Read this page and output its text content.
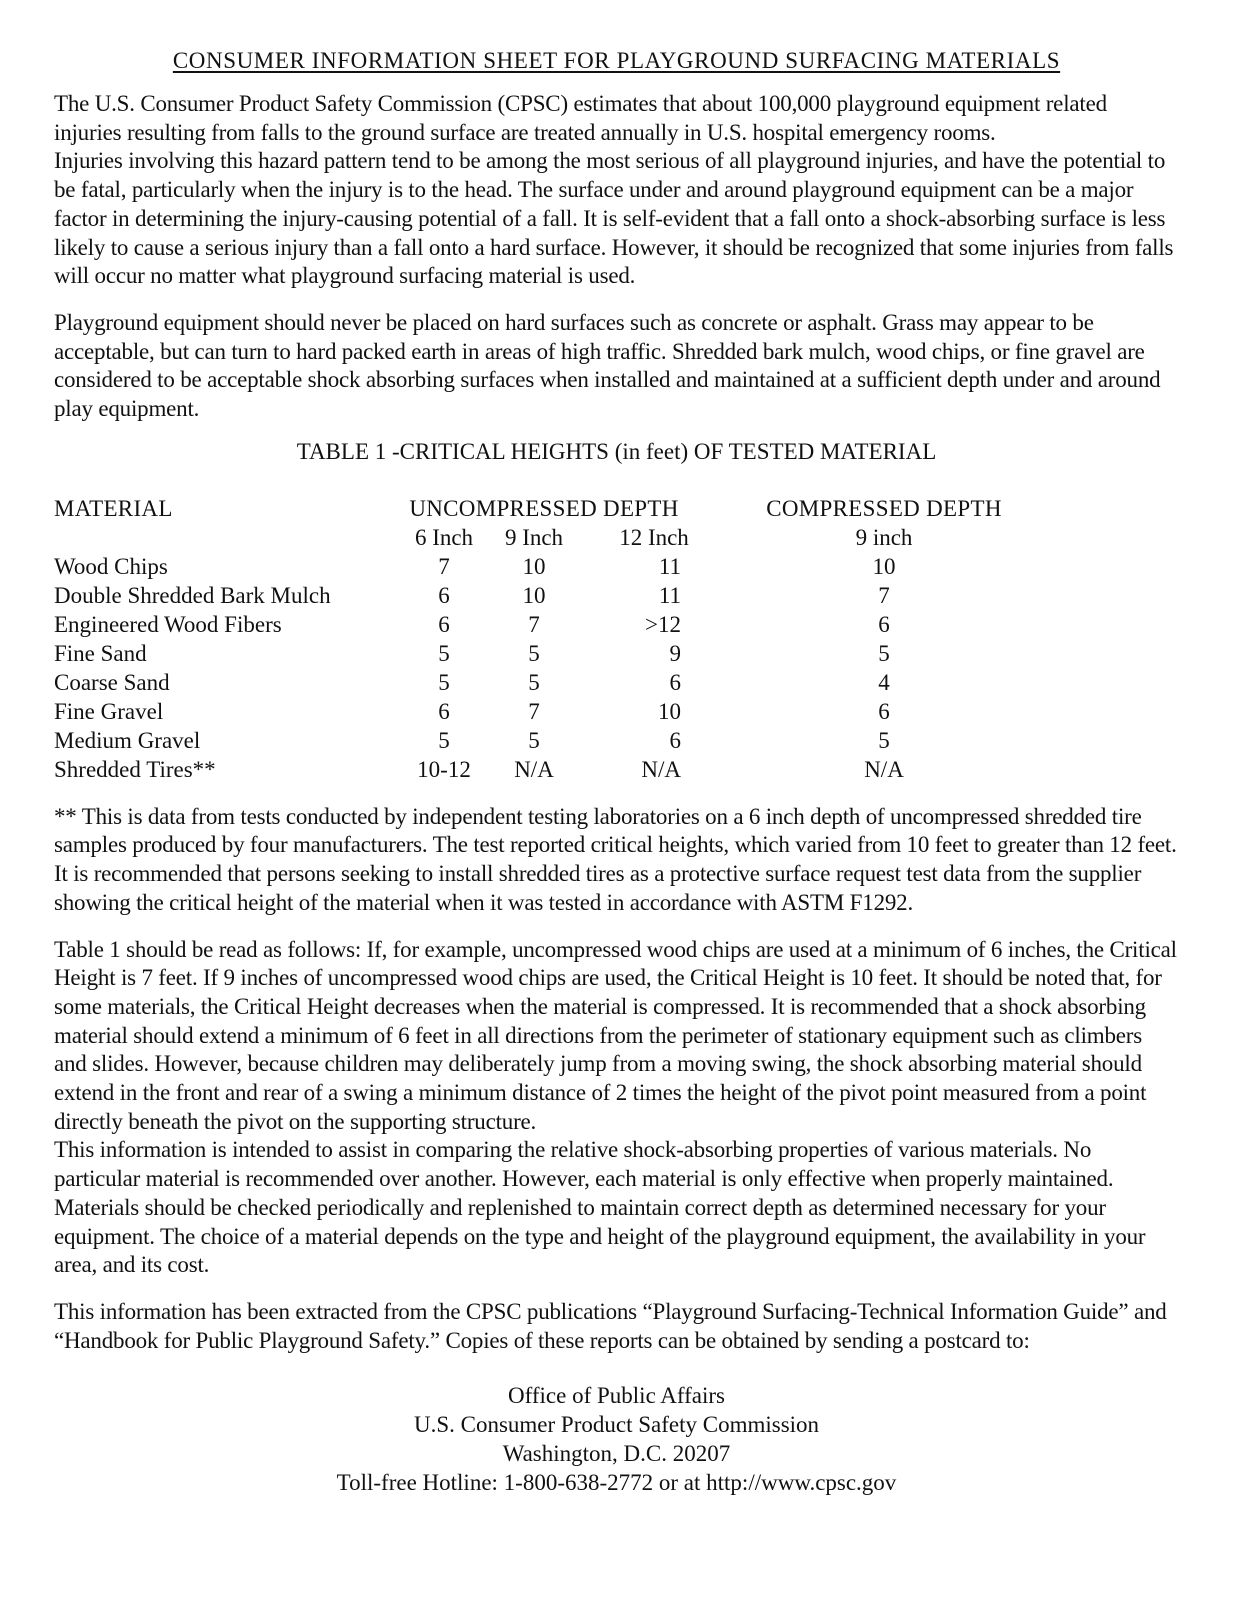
CONSUMER INFORMATION SHEET FOR PLAYGROUND SURFACING MATERIALS

The U.S. Consumer Product Safety Commission (CPSC) estimates that about 100,000 playground equipment related injuries resulting from falls to the ground surface are treated annually in U.S. hospital emergency rooms.

Injuries involving this hazard pattern tend to be among the most serious of all playground injuries, and have the potential to be fatal, particularly when the injury is to the head. The surface under and around playground equipment can be a major factor in determining the injury-causing potential of a fall. It is self-evident that a fall onto a shock-absorbing surface is less likely to cause a serious injury than a fall onto a hard surface. However, it should be recognized that some injuries from falls will occur no matter what playground surfacing material is used.

Playground equipment should never be placed on hard surfaces such as concrete or asphalt. Grass may appear to be acceptable, but can turn to hard packed earth in areas of high traffic. Shredded bark mulch, wood chips, or fine gravel are considered to be acceptable shock absorbing surfaces when installed and maintained at a sufficient depth under and around play equipment.

TABLE 1 -CRITICAL HEIGHTS (in feet) OF TESTED MATERIAL
MATERIAL	UNCOMPRESSED DEPTH	COMPRESSED DEPTH
6 Inch	9 Inch	12 Inch	9 inch
Wood Chips	7	10	11	10
Double Shredded Bark Mulch	6	10	11	7
Engineered Wood Fibers	6	7	>12	6
Fine Sand	5	5	9	5
Coarse Sand	5	5	6	4
Fine Gravel	6	7	10	6
Medium Gravel	5	5	6	5
Shredded Tires**	10-12	N/A	N/A	N/A

** This is data from tests conducted by independent testing laboratories on a 6 inch depth of uncompressed shredded tire samples produced by four manufacturers. The test reported critical heights, which varied from 10 feet to greater than 12 feet. It is recommended that persons seeking to install shredded tires as a protective surface request test data from the supplier showing the critical height of the material when it was tested in accordance with ASTM F1292.

Table 1 should be read as follows: If, for example, uncompressed wood chips are used at a minimum of 6 inches, the Critical Height is 7 feet. If 9 inches of uncompressed wood chips are used, the Critical Height is 10 feet. It should be noted that, for some materials, the Critical Height decreases when the material is compressed. It is recommended that a shock absorbing material should extend a minimum of 6 feet in all directions from the perimeter of stationary equipment such as climbers and slides. However, because children may deliberately jump from a moving swing, the shock absorbing material should extend in the front and rear of a swing a minimum distance of 2 times the height of the pivot point measured from a point directly beneath the pivot on the supporting structure.

This information is intended to assist in comparing the relative shock-absorbing properties of various materials. No particular material is recommended over another. However, each material is only effective when properly maintained. Materials should be checked periodically and replenished to maintain correct depth as determined necessary for your equipment. The choice of a material depends on the type and height of the playground equipment, the availability in your area, and its cost.

This information has been extracted from the CPSC publications “Playground Surfacing-Technical Information Guide” and “Handbook for Public Playground Safety.” Copies of these reports can be obtained by sending a postcard to:

Office of Public Affairs
U.S. Consumer Product Safety Commission
Washington, D.C. 20207
Toll-free Hotline: 1-800-638-2772 or at http://www.cpsc.gov
